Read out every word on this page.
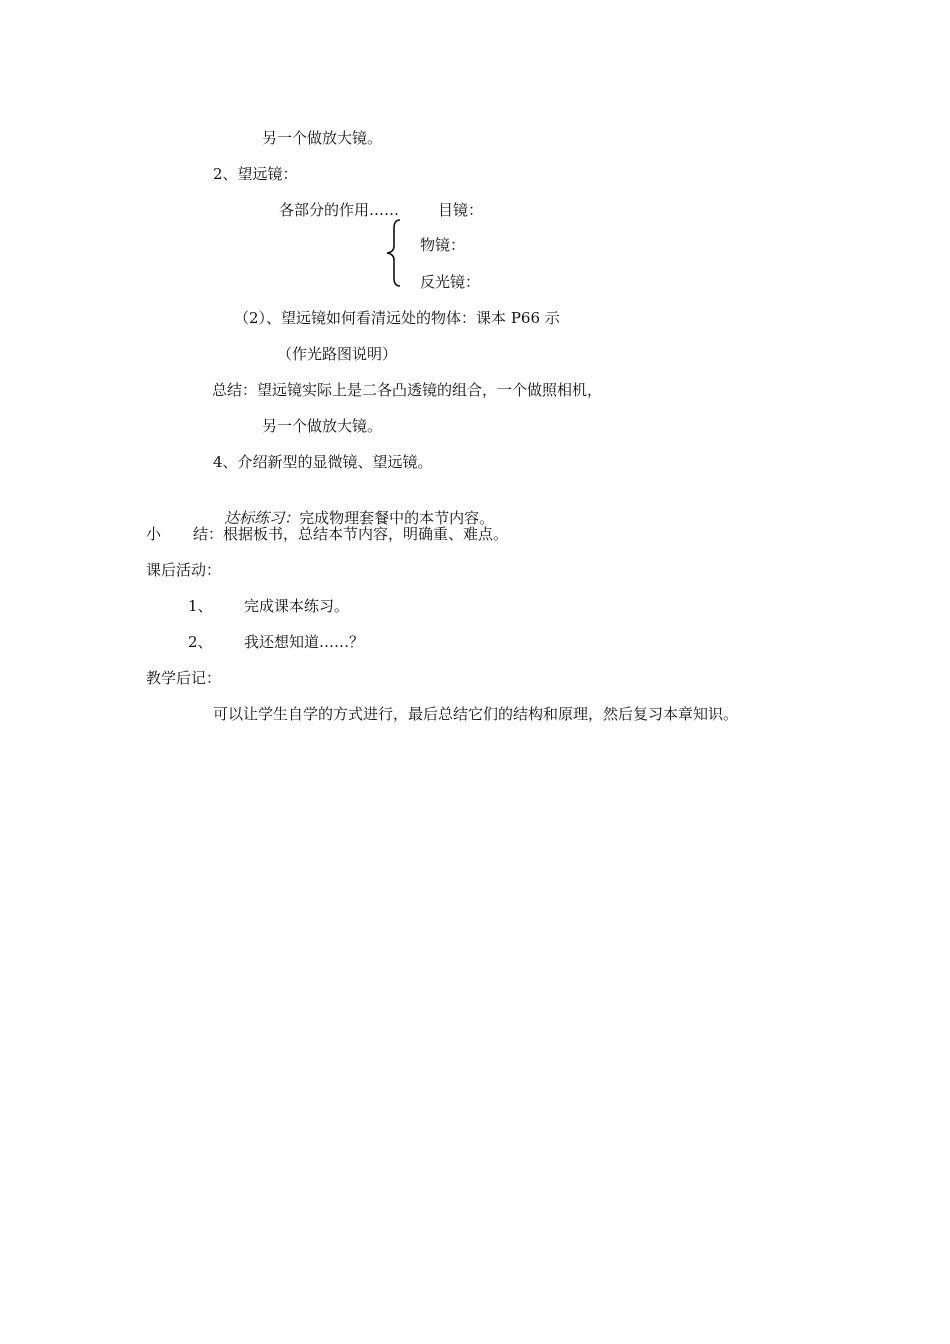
另一个做放大镜。
2、望远镜：
各部分的作用……	目镜：
物镜：
反光镜：
（2）、望远镜如何看清远处的物体：课本 P66 示
（作光路图说明）
总结：望远镜实际上是二各凸透镜的组合，一个做照相机，
另一个做放大镜。
4、介绍新型的显微镜、望远镜。

达标练习：完成物理套餐中的本节内容。

小 结：根据板书，总结本节内容，明确重、难点。
课后活动：
1、 完成课本练习。
2、 我还想知道……？
教学后记：
可以让学生自学的方式进行，最后总结它们的结构和原理，然后复习本章知识。
